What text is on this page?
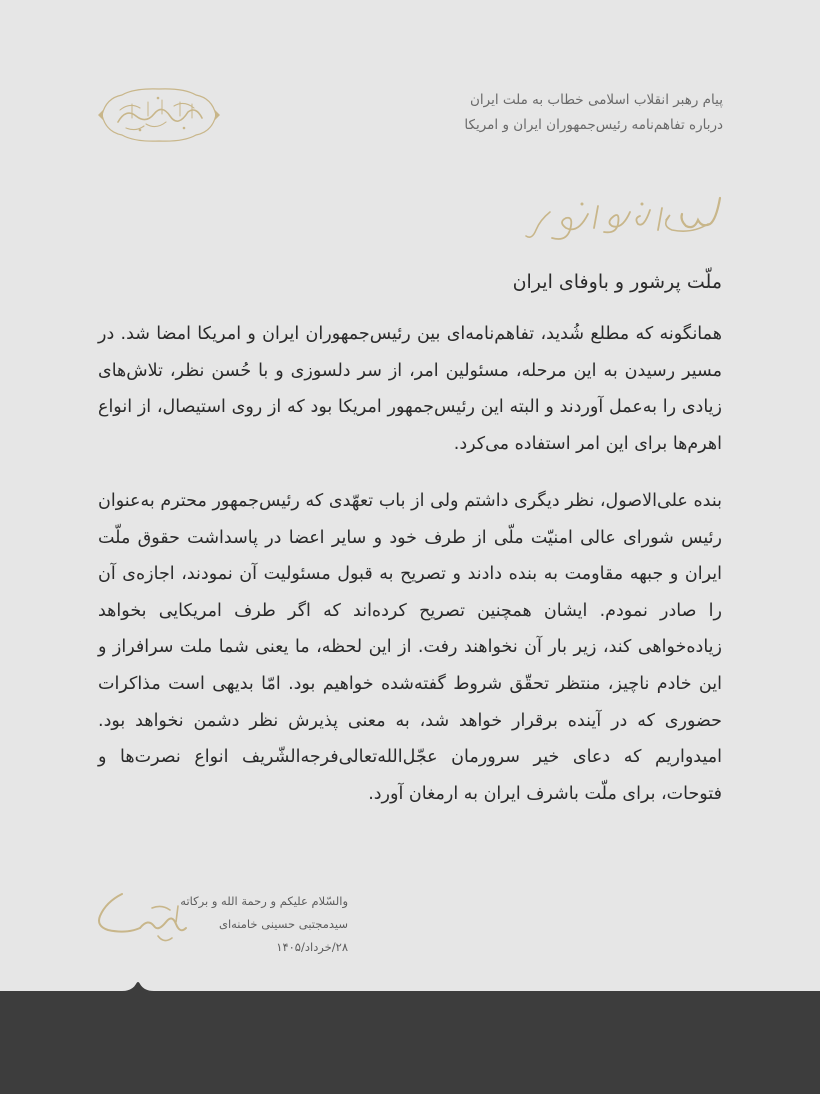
پیام رهبر انقلاب اسلامی خطاب به ملت ایران
درباره تفاهم‌نامه رئیس‌جمهوران ایران و امریکا
ملّت پرشور و باوفای ایران

همانگونه که مطلع شُدید، تفاهم‌نامه‌ای بین رئیس‌جمهوران ایران و امریکا امضا شد. در مسیر رسیدن به این مرحله، مسئولین امر، از سر دلسوزی و با حُسن نظر، تلاش‌های زیادی را به‌عمل آوردند و البته این رئیس‌جمهور امریکا بود که از روی استیصال، از انواع اهرم‌ها برای این امر استفاده می‌کرد.

بنده علی‌الاصول، نظر دیگری داشتم ولی از باب تعهّدی که رئیس‌جمهور محترم به‌عنوان رئیس شورای عالی امنیّت ملّی از طرف خود و سایر اعضا در پاسداشت حقوق ملّت ایران و جبهه مقاومت به بنده دادند و تصریح به قبول مسئولیت آن نمودند، اجازه‌ی آن را صادر نمودم. ایشان همچنین تصریح کرده‌اند که اگر طرف امریکایی بخواهد زیاده‌خواهی کند، زیر بار آن نخواهند رفت. از این لحظه، ما یعنی شما ملت سرافراز و این خادم ناچیز، منتظر تحقّق شروط گفته‌شده خواهیم بود. امّا بدیهی است مذاکرات حضوری که در آینده برقرار خواهد شد، به معنی پذیرش نظر دشمن نخواهد بود. امیدواریم که دعای خیر سرورمان عجّل‌الله‌تعالی‌فرجه‌الشّریف انواع نصرت‌ها و فتوحات، برای ملّت باشرف ایران به ارمغان آورد.

والسّلام علیکم و رحمة الله و برکاته
سیدمجتبی حسینی خامنه‌ای
۲۸/خرداد/۱۴۰۵
